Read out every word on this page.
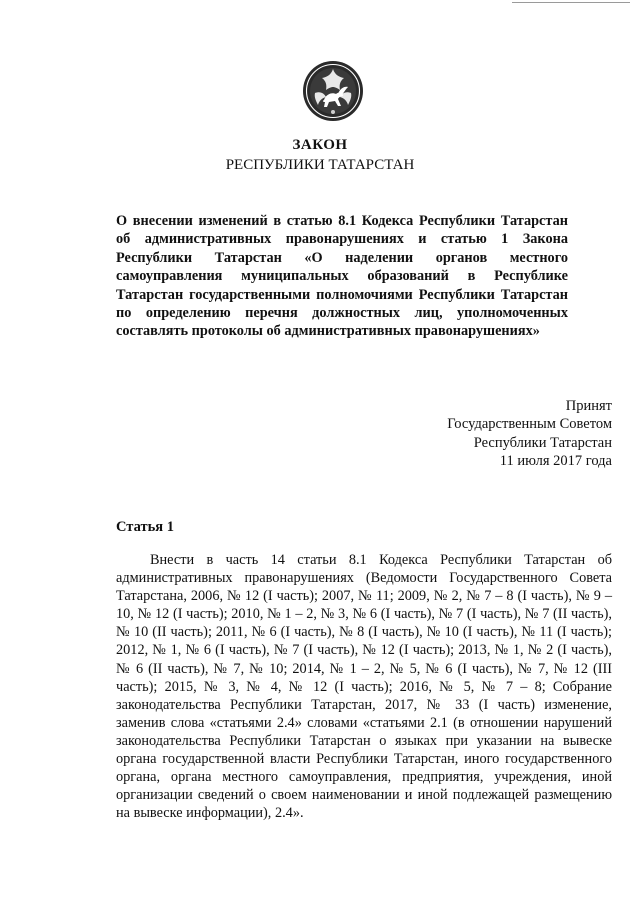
ЗАКОН
РЕСПУБЛИКИ ТАТАРСТАН
О внесении изменений в статью 8.1 Кодекса Республики Татарстан об административных правонарушениях и статью 1 Закона Республики Татарстан «О наделении органов местного самоуправления муниципальных образований в Республике Татарстан государственными полномочиями Республики Татарстан по определению перечня должностных лиц, уполномоченных составлять протоколы об административных правонарушениях»
Принят
Государственным Советом
Республики Татарстан
11 июля 2017 года
Статья 1
Внести в часть 14 статьи 8.1 Кодекса Республики Татарстан об административных правонарушениях (Ведомости Государственного Совета Татарстана, 2006, № 12 (I часть); 2007, № 11; 2009, № 2, № 7 – 8 (I часть), № 9 – 10, № 12 (I часть); 2010, № 1 – 2, № 3, № 6 (I часть), № 7 (I часть), № 7 (II часть), № 10 (II часть); 2011, № 6 (I часть), № 8 (I часть), № 10 (I часть), № 11 (I часть); 2012, № 1, № 6 (I часть), № 7 (I часть), № 12 (I часть); 2013, № 1, № 2 (I часть), № 6 (II часть), № 7, № 10; 2014, № 1 – 2, № 5, № 6 (I часть), № 7, № 12 (III часть); 2015, № 3, № 4, № 12 (I часть); 2016, № 5, № 7 – 8; Собрание законодательства Республики Татарстан, 2017, № 33 (I часть) изменение, заменив слова «статьями 2.4» словами «статьями 2.1 (в отношении нарушений законодательства Республики Татарстан о языках при указании на вывеске органа государственной власти Республики Татарстан, иного государственного органа, органа местного самоуправления, предприятия, учреждения, иной организации сведений о своем наименовании и иной подлежащей размещению на вывеске информации), 2.4».
